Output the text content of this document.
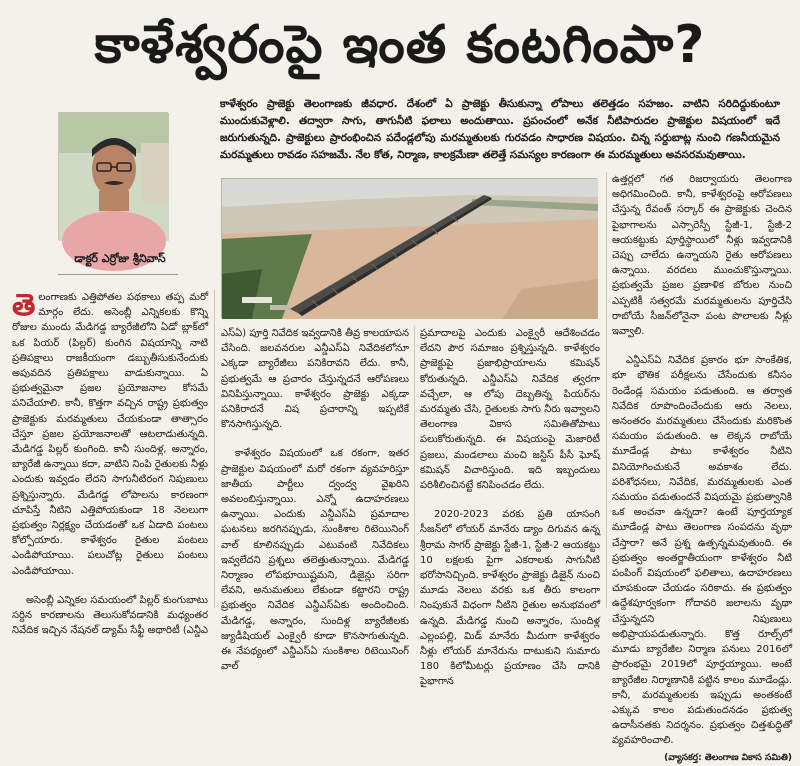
కాళేశ్వరంపై ఇంత కంటగింపా?
కాళేశ్వరం ప్రాజెక్టు తెలంగాణకు జీవధార. దేశంలో ఏ ప్రాజెక్టు తీసుకున్నా లోపాలు తలెత్తడం సహజం. వాటిని సరిదిద్దుకుంటూ ముందుకువెళ్లాలి. తద్వారా సాగు, తాగునీటి ఫలాలు అందుతాయి. ప్రపంచంలో అనేక నీటిపారుదల ప్రాజెక్టుల విషయంలో ఇదే జరుగుతున్నది. ప్రాజెక్టులు ప్రారంభించిన పదేండ్లలోపు మరమ్మతులకు గురవడం సాధారణ విషయం. చిన్న సర్దుబాట్ల నుంచి గణనీయమైన మరమ్మతులు రావడం సహజమే. నేల కోత, నిర్మాణ, కాలక్రమేణా తలెత్తే సమస్యల కారణంగా ఈ మరమ్మతులు అవసరమవుతాయి.
డాక్టర్ ఎర్రోజు శ్రీనివాస్

తెలంగాణకు ఎత్తిపోతల పథకాలు తప్ప మరో మార్గం లేదు. అసెంబ్లీ ఎన్నికలకు కొన్ని రోజుల ముందు మేడిగడ్డ బ్యారేజీలోని ఏడో బ్లాక్‌లో ఒక పియర్ (పిల్లర్) కుంగిన విషయాన్ని నాటి ప్రతిపక్షాలు రాజకీయంగా డబ్బుతీసుకునేందుకు అపువదిన ప్రతిపక్షాలు వాడుకున్నాయి. ఏ ప్రభుత్వమైనా ప్రజల ప్రయోజనాల కోసమే పనిచేయాలి. కానీ, కొత్తగా వచ్చిన రాష్ట్ర ప్రభుత్వం ప్రాజెక్టుకు మరమ్మతులు చేయకుండా తాత్సారం చేస్తూ ప్రజల ప్రయోజనాలతో ఆటలాడుతున్నది. మేడిగడ్డ పిల్లర్ కుంగింది. కానీ సుందిళ్ల, అన్నారం, బ్యారేజీ ఉన్నాయి కదా, వాటిని నింపి రైతులకు నీళ్లు ఎందుకు ఇవ్వడం లేదని సాగునీటిరంగ నిపుణులు ప్రశ్నిస్తున్నారు. మేడిగడ్డ లోపాలను కారణంగా చూపిస్తే నీటిని ఎత్తిపోయకుండా 18 నెలలుగా ప్రభుత్వం నిర్లక్ష్యం చేయడంతో ఒక ఏడాది పంటలు కోల్పోయారు. కాళేశ్వరం రైతుల పంటలు ఎండిపోయాయి. పలుచోట్ల రైతులు పంటలు ఎండిపోయాయి.

అసెంబ్లీ ఎన్నికల సమయంలో పిల్లర్ కుంగుబాటు సర్దిన కారణాలను తెలుసుకోవడానికి మధ్యంతర నివేదిక ఇచ్చిన నేషనల్ డ్యామ్ సేఫ్టీ అథారిటీ (ఎన్డీఎ

ఎస్‌ఏ) పూర్తి నివేదిక ఇవ్వడానికి తీవ్ర కాలయాపన చేసింది. జలవనరుల ఎన్డీఎస్‌ఏ నివేదికలోనూ ఎక్కడా బ్యారేజీలు పనికిరావని లేదు. కానీ, ప్రభుత్వమే ఆ ప్రచారం చేస్తున్నదనే ఆరోపణలు వినిపిస్తున్నాయి. కాళేశ్వరం ప్రాజెక్టు ఎక్కడా పనికిరాదనే విష ప్రచారాన్ని ఇప్పటికే కొనసాగిస్తున్నది.

కాళేశ్వరం విషయంలో ఒక రకంగా, ఇతర ప్రాజెక్టుల విషయంలో మరో రకంగా వ్యవహరిస్తూ జాతీయ పార్టీలు ద్వంద్వ వైఖరిని అవలంబిస్తున్నాయి. ఎన్నో ఉదాహరణలు ఉన్నాయి. ఎందుకు ఎన్డీఎస్‌ఏ ప్రమాదాల ఘటనలు జరగినప్పుడు, సుంకిశాల రిటెయినింగ్ వాల్ కూలినప్పుడు ఎటువంటి నివేదికలు ఇవ్వలేదని ప్రశ్నలు తలెత్తుతున్నాయి. మేడిగడ్డ నిర్మాణం లోపభూయిష్టమని, డిజైన్లు సరిగా లేవని, అనుమతులు లేకుండా కట్టారని రాష్ట్ర ప్రభుత్వం నివేదిక ఎన్డీఎస్‌ఏకు అందించింది. మేడిగడ్డ, అన్నారం, సుందిళ్ల బ్యారేజీలకు జ్యుడీషియల్ ఎంక్వైరీ కూడా కొనసాగుతున్నది. ఈ నేపథ్యంలో ఎన్డీఎస్‌ఏ సుంకిశాల రిటెయినింగ్ వాల్

ప్రమాదాలపై ఎందుకు ఎంక్వైరీ ఆదేశించడం లేదని పౌర సమాజం ప్రశ్నిస్తున్నది. కాళేశ్వరం ప్రాజెక్టుపై ప్రజాభిప్రాయాలను కమిషన్ కోరుతున్నది. ఎన్డీఎస్‌ఏ నివేదిక త్వరగా వచ్చేలా, ఆ లోపు దెబ్బతిన్న పియర్‌ను మరమ్మతు చేసి, రైతులకు సాగు నీరు ఇవ్వాలని తెలంగాణ వికాస సమితితోపాటు పలుకోరుతున్నది. ఈ విషయంపై మెజారిటీ ప్రజలు, మండలాలు మంచి జస్టిస్ పీసీ ఘోష్ కమిషన్ విచారిస్తుంది. ఇది ఇబ్బందులు పరిశీలించినట్టే కనిపించడం లేదు.

2020-2023 వరకు ప్రతి యాసంగి సీజన్‌లో లోయర్ మానేరు డ్యాం దిగువన ఉన్న శ్రీరామ సాగర్ ప్రాజెక్టు స్టేజీ-1, స్టేజీ-2 ఆయకట్టు 10 లక్షలకు పైగా ఎకరాలకు సాగునీటి భరోసానిచ్చింది. కాళేశ్వరం ప్రాజెక్టు డిజైన్ నుంచి మూడు నెలలు వరకు ఒక తీరు కాలంగా నింపుకునే విధంగా నీటిని రైతుల అనుభవంలో ఉన్నది. మేడిగడ్డ నుంచి అన్నారం, సుందిళ్ల ఎల్లంపల్లి, మిడ్ మానేరు మీదుగా కాళేశ్వరం నీళ్లు లోయర్ మానేరును దాటుకుని సుమారు 180 కిలోమీటర్లు ప్రయాణం చేసి దానికి పైభాగాన

ఉత్తర్లలో గత రిజర్వాయరు తెలంగాణ అధిగమించింది. కానీ, కాళేశ్వరంపై ఆరోపణలు చేస్తున్న రేవంత్ సర్కార్ ఈ ప్రాజెక్టుకు చెందిన పైభాగాలను ఎస్సారెస్పీ స్టేజీ-1, స్టేజీ-2 ఆయకట్టుకు పూర్తిస్థాయిలో నీళ్లు ఇవ్వడానికి చెప్పు చాలేదు ఉన్నాయని రైతు ఆరోపణలు ఉన్నాయి. వరదలు ముంచుకొస్తున్నాయి. ప్రభుత్వమే ప్రజల ప్రణాళిక బోరుల నుంచి ఎప్పటికీ సత్వరమే మరమ్మతులను పూర్తిచేసి రాబోయే సీజన్‌లోనైనా పంట పొలాలకు నీళ్లు ఇవ్వాలి.

ఎన్డీఎస్‌ఏ నివేదిక ప్రకారం భూ సాంకేతిక, భూ భౌతిక పరీక్షలను చేసేందుకు కనీసం రెండేండ్ల సమయం పడుతుంది. ఆ తర్వాత నివేదిక రూపొందించేందుకు ఆరు నెలలు, అనంతరం మరమ్మతులు చేసేందుకు మరికొంత సమయం పడుతుంది. ఆ లెక్కన రాబోయే మూడేండ్ల పాటు కాళేశ్వరం నీటిని వినియోగించుకునే అవకాశం లేదు. పరిశోధనలు, నివేదిక, మరమ్మతులకు ఎంత సమయం పడుతుందనే విషయమై ప్రభుత్వానికి ఒక అంచనా ఉన్నదా? ఉంటే పూర్తయ్యాక మూడేండ్ల పాటు తెలంగాణ సంపదను వృథా చేస్తారా? అనే ప్రశ్న ఉత్పన్నమవుతుంది. ఈ ప్రభుత్వం అంతర్జాతీయంగా కాళేశ్వరం నీటి పంపింగ్ విషయంలో ఫలితాలు, ఉదాహరణలు చూపకుండా చేయడం సరికాదు. ఈ ప్రభుత్వం ఉద్దేశపూర్వకంగా గోదావరి జలాలను వృథా చేస్తున్నదని నిపుణులు అభిప్రాయపడుతున్నారు. కొత్త రూల్స్‌లో మూడు బ్యారేజీల నిర్మాణ పనులు 2016లో ప్రారంభమై 2019లో పూర్తయ్యాయి. అంటే బ్యారేజీల నిర్మాణానికి పట్టిన కాలం మూడేండ్లు. కానీ, మరమ్మతులకు ఇప్పుడు అంతకంటే ఎక్కువ కాలం పడుతుందనడం ప్రభుత్వ ఉదాసీనతకు నిదర్శనం. ప్రభుత్వం చిత్తశుద్ధితో వ్యవహరించాలి.

(వ్యాసకర్త: తెలంగాణ వికాస సమితి)
